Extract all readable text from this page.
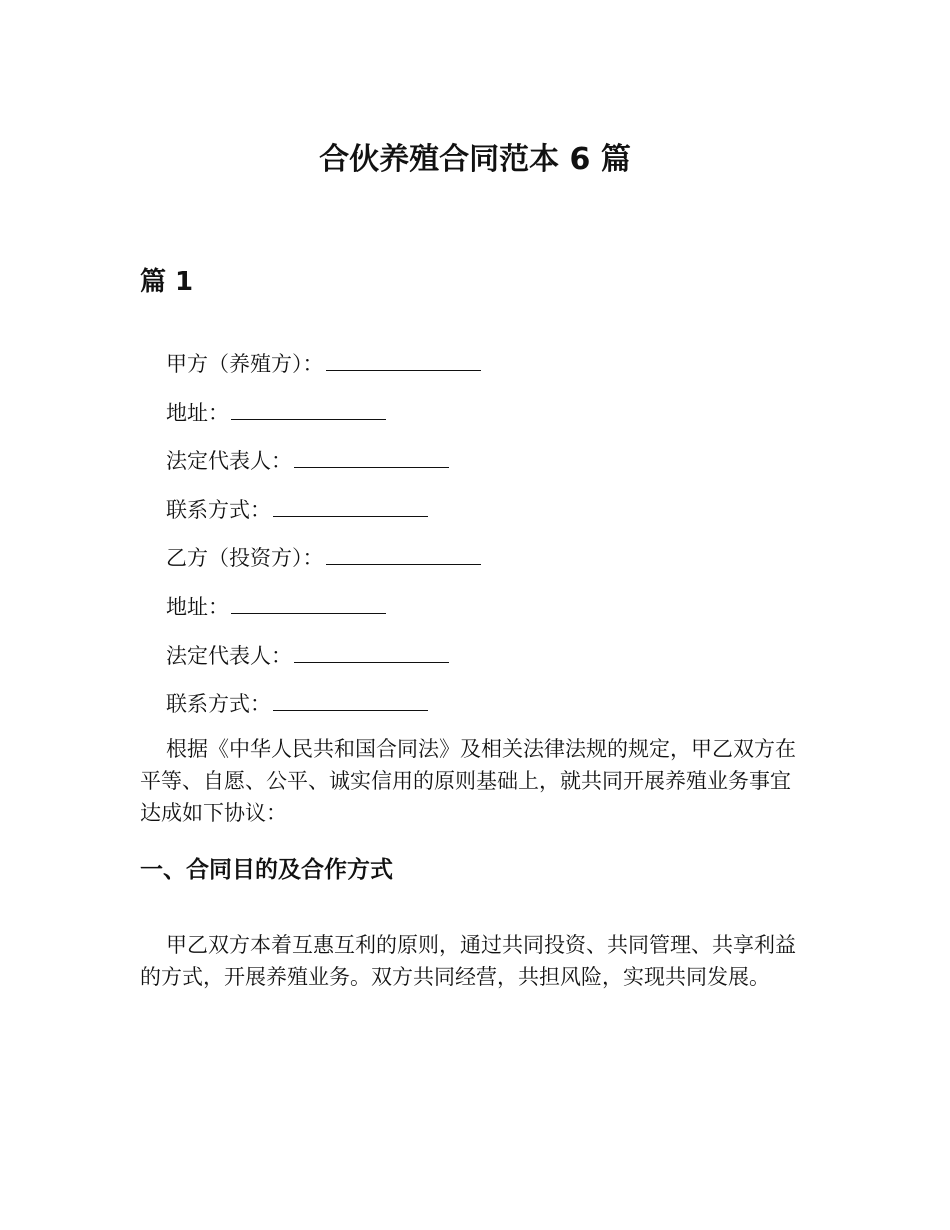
合伙养殖合同范本 6 篇
篇 1
甲方（养殖方）：
地址：
法定代表人：
联系方式：
乙方（投资方）：
地址：
法定代表人：
联系方式：

根据《中华人民共和国合同法》及相关法律法规的规定，甲乙双方在平等、自愿、公平、诚实信用的原则基础上，就共同开展养殖业务事宜达成如下协议：

一、合同目的及合作方式

甲乙双方本着互惠互利的原则，通过共同投资、共同管理、共享利益的方式，开展养殖业务。双方共同经营，共担风险，实现共同发展。
